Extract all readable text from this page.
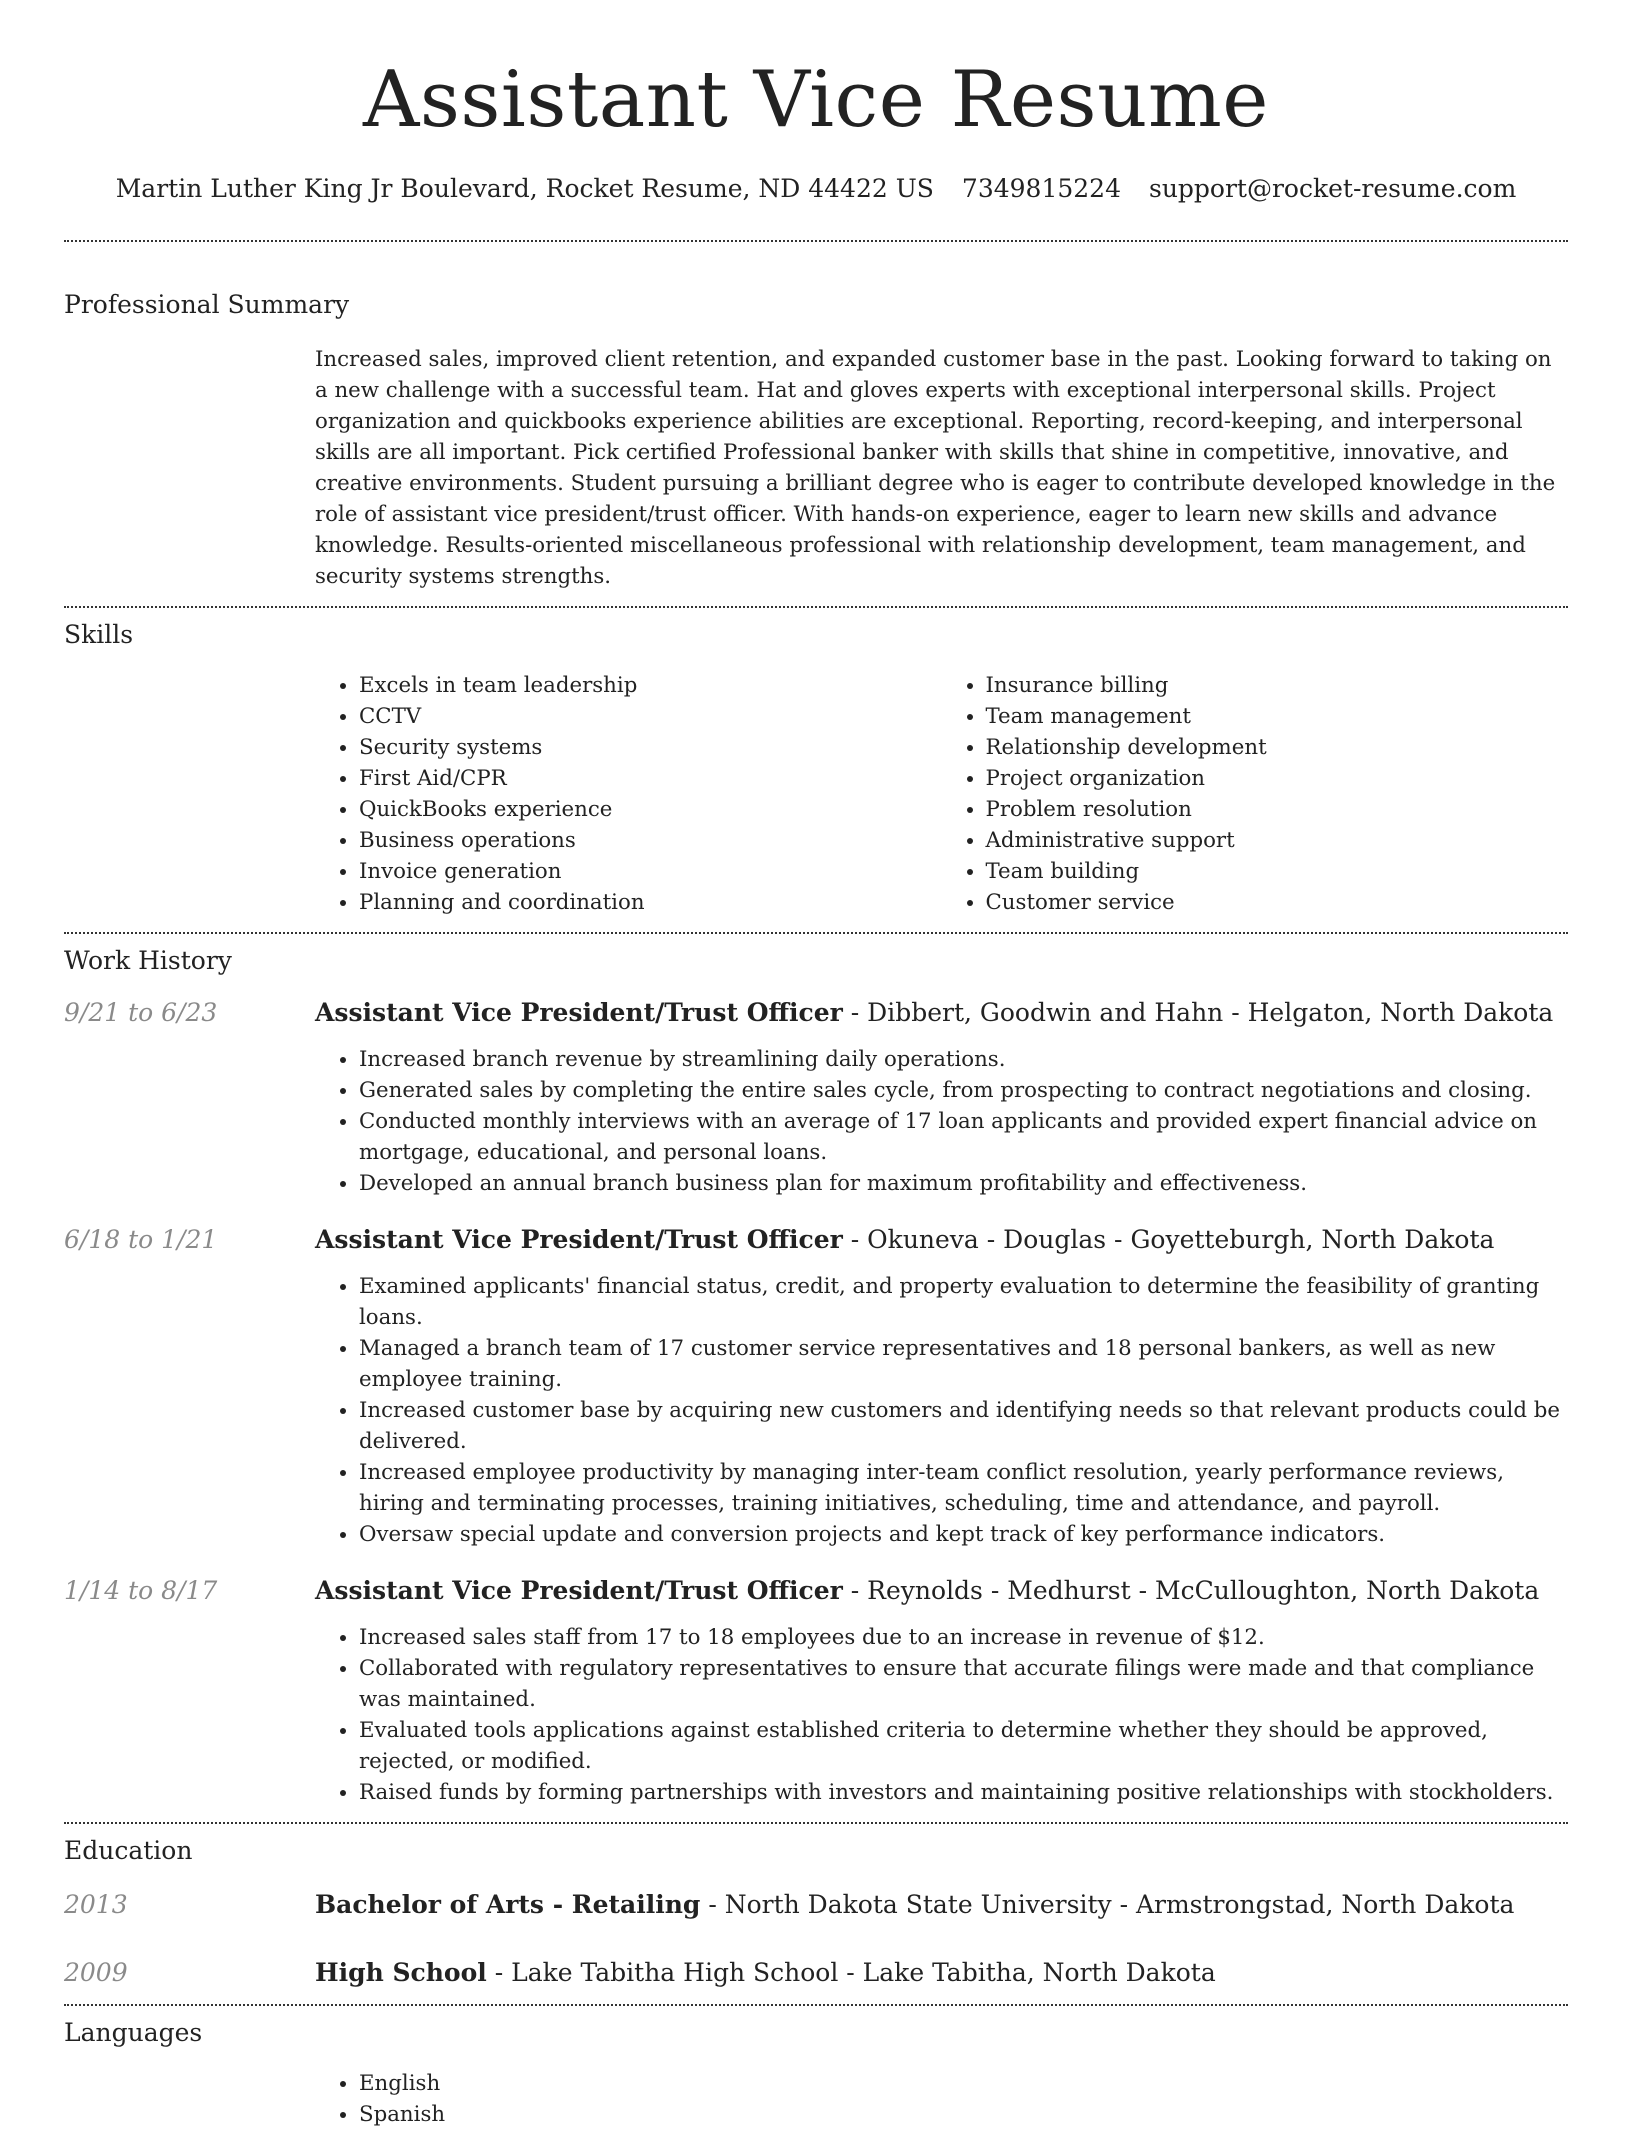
Assistant Vice Resume
Martin Luther King Jr Boulevard, Rocket Resume, ND 44422 US 7349815224 support@rocket-resume.com
Professional Summary
Increased sales, improved client retention, and expanded customer base in the past. Looking forward to taking on a new challenge with a successful team. Hat and gloves experts with exceptional interpersonal skills. Project organization and quickbooks experience abilities are exceptional. Reporting, record-keeping, and interpersonal skills are all important. Pick certified Professional banker with skills that shine in competitive, innovative, and creative environments. Student pursuing a brilliant degree who is eager to contribute developed knowledge in the role of assistant vice president/trust officer. With hands-on experience, eager to learn new skills and advance knowledge. Results-oriented miscellaneous professional with relationship development, team management, and security systems strengths.
Skills
• Excels in team leadership
• CCTV
• Security systems
• First Aid/CPR
• QuickBooks experience
• Business operations
• Invoice generation
• Planning and coordination
• Insurance billing
• Team management
• Relationship development
• Project organization
• Problem resolution
• Administrative support
• Team building
• Customer service
Work History
9/21 to 6/23	Assistant Vice President/Trust Officer - Dibbert, Goodwin and Hahn - Helgaton, North Dakota
• Increased branch revenue by streamlining daily operations.
• Generated sales by completing the entire sales cycle, from prospecting to contract negotiations and closing.
• Conducted monthly interviews with an average of 17 loan applicants and provided expert financial advice on mortgage, educational, and personal loans.
• Developed an annual branch business plan for maximum profitability and effectiveness.
6/18 to 1/21	Assistant Vice President/Trust Officer - Okuneva - Douglas - Goyetteburgh, North Dakota
• Examined applicants' financial status, credit, and property evaluation to determine the feasibility of granting loans.
• Managed a branch team of 17 customer service representatives and 18 personal bankers, as well as new employee training.
• Increased customer base by acquiring new customers and identifying needs so that relevant products could be delivered.
• Increased employee productivity by managing inter-team conflict resolution, yearly performance reviews, hiring and terminating processes, training initiatives, scheduling, time and attendance, and payroll.
• Oversaw special update and conversion projects and kept track of key performance indicators.
1/14 to 8/17	Assistant Vice President/Trust Officer - Reynolds - Medhurst - McCulloughton, North Dakota
• Increased sales staff from 17 to 18 employees due to an increase in revenue of $12.
• Collaborated with regulatory representatives to ensure that accurate filings were made and that compliance was maintained.
• Evaluated tools applications against established criteria to determine whether they should be approved, rejected, or modified.
• Raised funds by forming partnerships with investors and maintaining positive relationships with stockholders.
Education
2013	Bachelor of Arts - Retailing - North Dakota State University - Armstrongstad, North Dakota
2009	High School - Lake Tabitha High School - Lake Tabitha, North Dakota
Languages
• English
• Spanish
